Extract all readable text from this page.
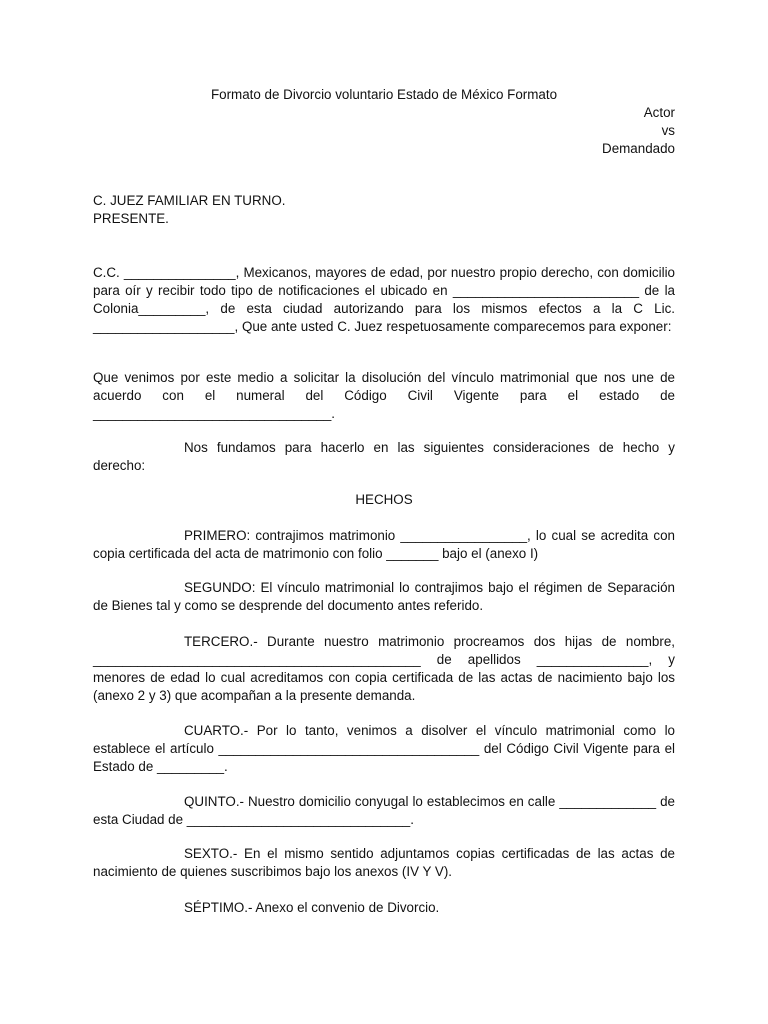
Formato de Divorcio voluntario Estado de México Formato
Actor
vs
Demandado
C. JUEZ FAMILIAR EN TURNO.
PRESENTE.
C.C. _______________, Mexicanos, mayores de edad, por nuestro propio derecho, con domicilio para oír y recibir todo tipo de notificaciones el ubicado en _________________________ de la Colonia_________, de esta ciudad autorizando para los mismos efectos a la C Lic. ___________________, Que ante usted C. Juez respetuosamente comparecemos para exponer:
Que venimos por este medio a solicitar la disolución del vínculo matrimonial que nos une de acuerdo con el numeral del Código Civil Vigente para el estado de ________________________________.
Nos fundamos para hacerlo en las siguientes consideraciones de hecho y derecho:
HECHOS
PRIMERO: contrajimos matrimonio _________________, lo cual se acredita con copia certificada del acta de matrimonio con folio _______ bajo el (anexo I)
SEGUNDO: El vínculo matrimonial lo contrajimos bajo el régimen de Separación de Bienes tal y como se desprende del documento antes referido.
TERCERO.- Durante nuestro matrimonio procreamos dos hijas de nombre, ____________________________________________ de apellidos _______________, y menores de edad lo cual acreditamos con copia certificada de las actas de nacimiento bajo los (anexo 2 y 3) que acompañan a la presente demanda.
CUARTO.- Por lo tanto, venimos a disolver el vínculo matrimonial como lo establece el artículo ___________________________________ del Código Civil Vigente para el Estado de _________.
QUINTO.- Nuestro domicilio conyugal lo establecimos en calle _____________ de esta Ciudad de ______________________________.
SEXTO.- En el mismo sentido adjuntamos copias certificadas de las actas de nacimiento de quienes suscribimos bajo los anexos (IV Y V).
SÉPTIMO.- Anexo el convenio de Divorcio.
